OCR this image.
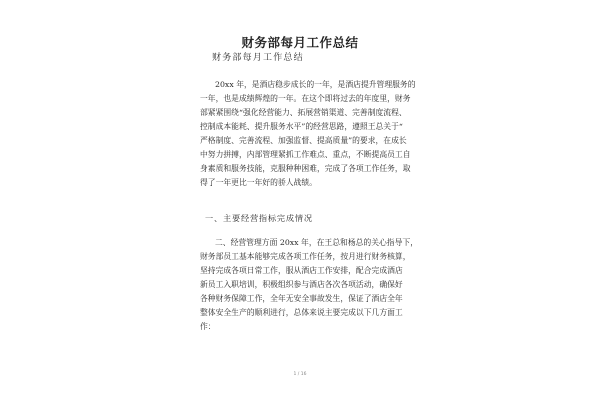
财务部每月工作总结
财务部每月工作总结
20xx 年，是酒店稳步成长的一年，是酒店提升管理服务的
一年，也是成绩辉煌的一年。在这个即将过去的年度里，财务
部紧紧围绕“强化经营能力、拓展营销渠道、完善制度流程、
控制成本能耗、提升服务水平”的经营思路，遵照王总关于“
严格制度、完善流程、加强监督、提高质量”的要求，在成长
中努力拼搏，内部管理紧抓工作难点、重点，不断提高员工自
身素质和服务技能，克服种种困难，完成了各项工作任务，取
得了一年更比一年好的骄人战绩。
一、主要经营指标完成情况
二、经营管理方面 20xx 年，在王总和杨总的关心指导下，
财务部员工基本能够完成各项工作任务，按月进行财务核算，
坚持完成各项日常工作，服从酒店工作安排，配合完成酒店
新员工入职培训，积极组织参与酒店各次各项活动，确保好
各种财务保障工作，全年无安全事故发生，保证了酒店全年
整体安全生产的顺利进行，总体来说主要完成以下几方面工
作：
1 / 16
